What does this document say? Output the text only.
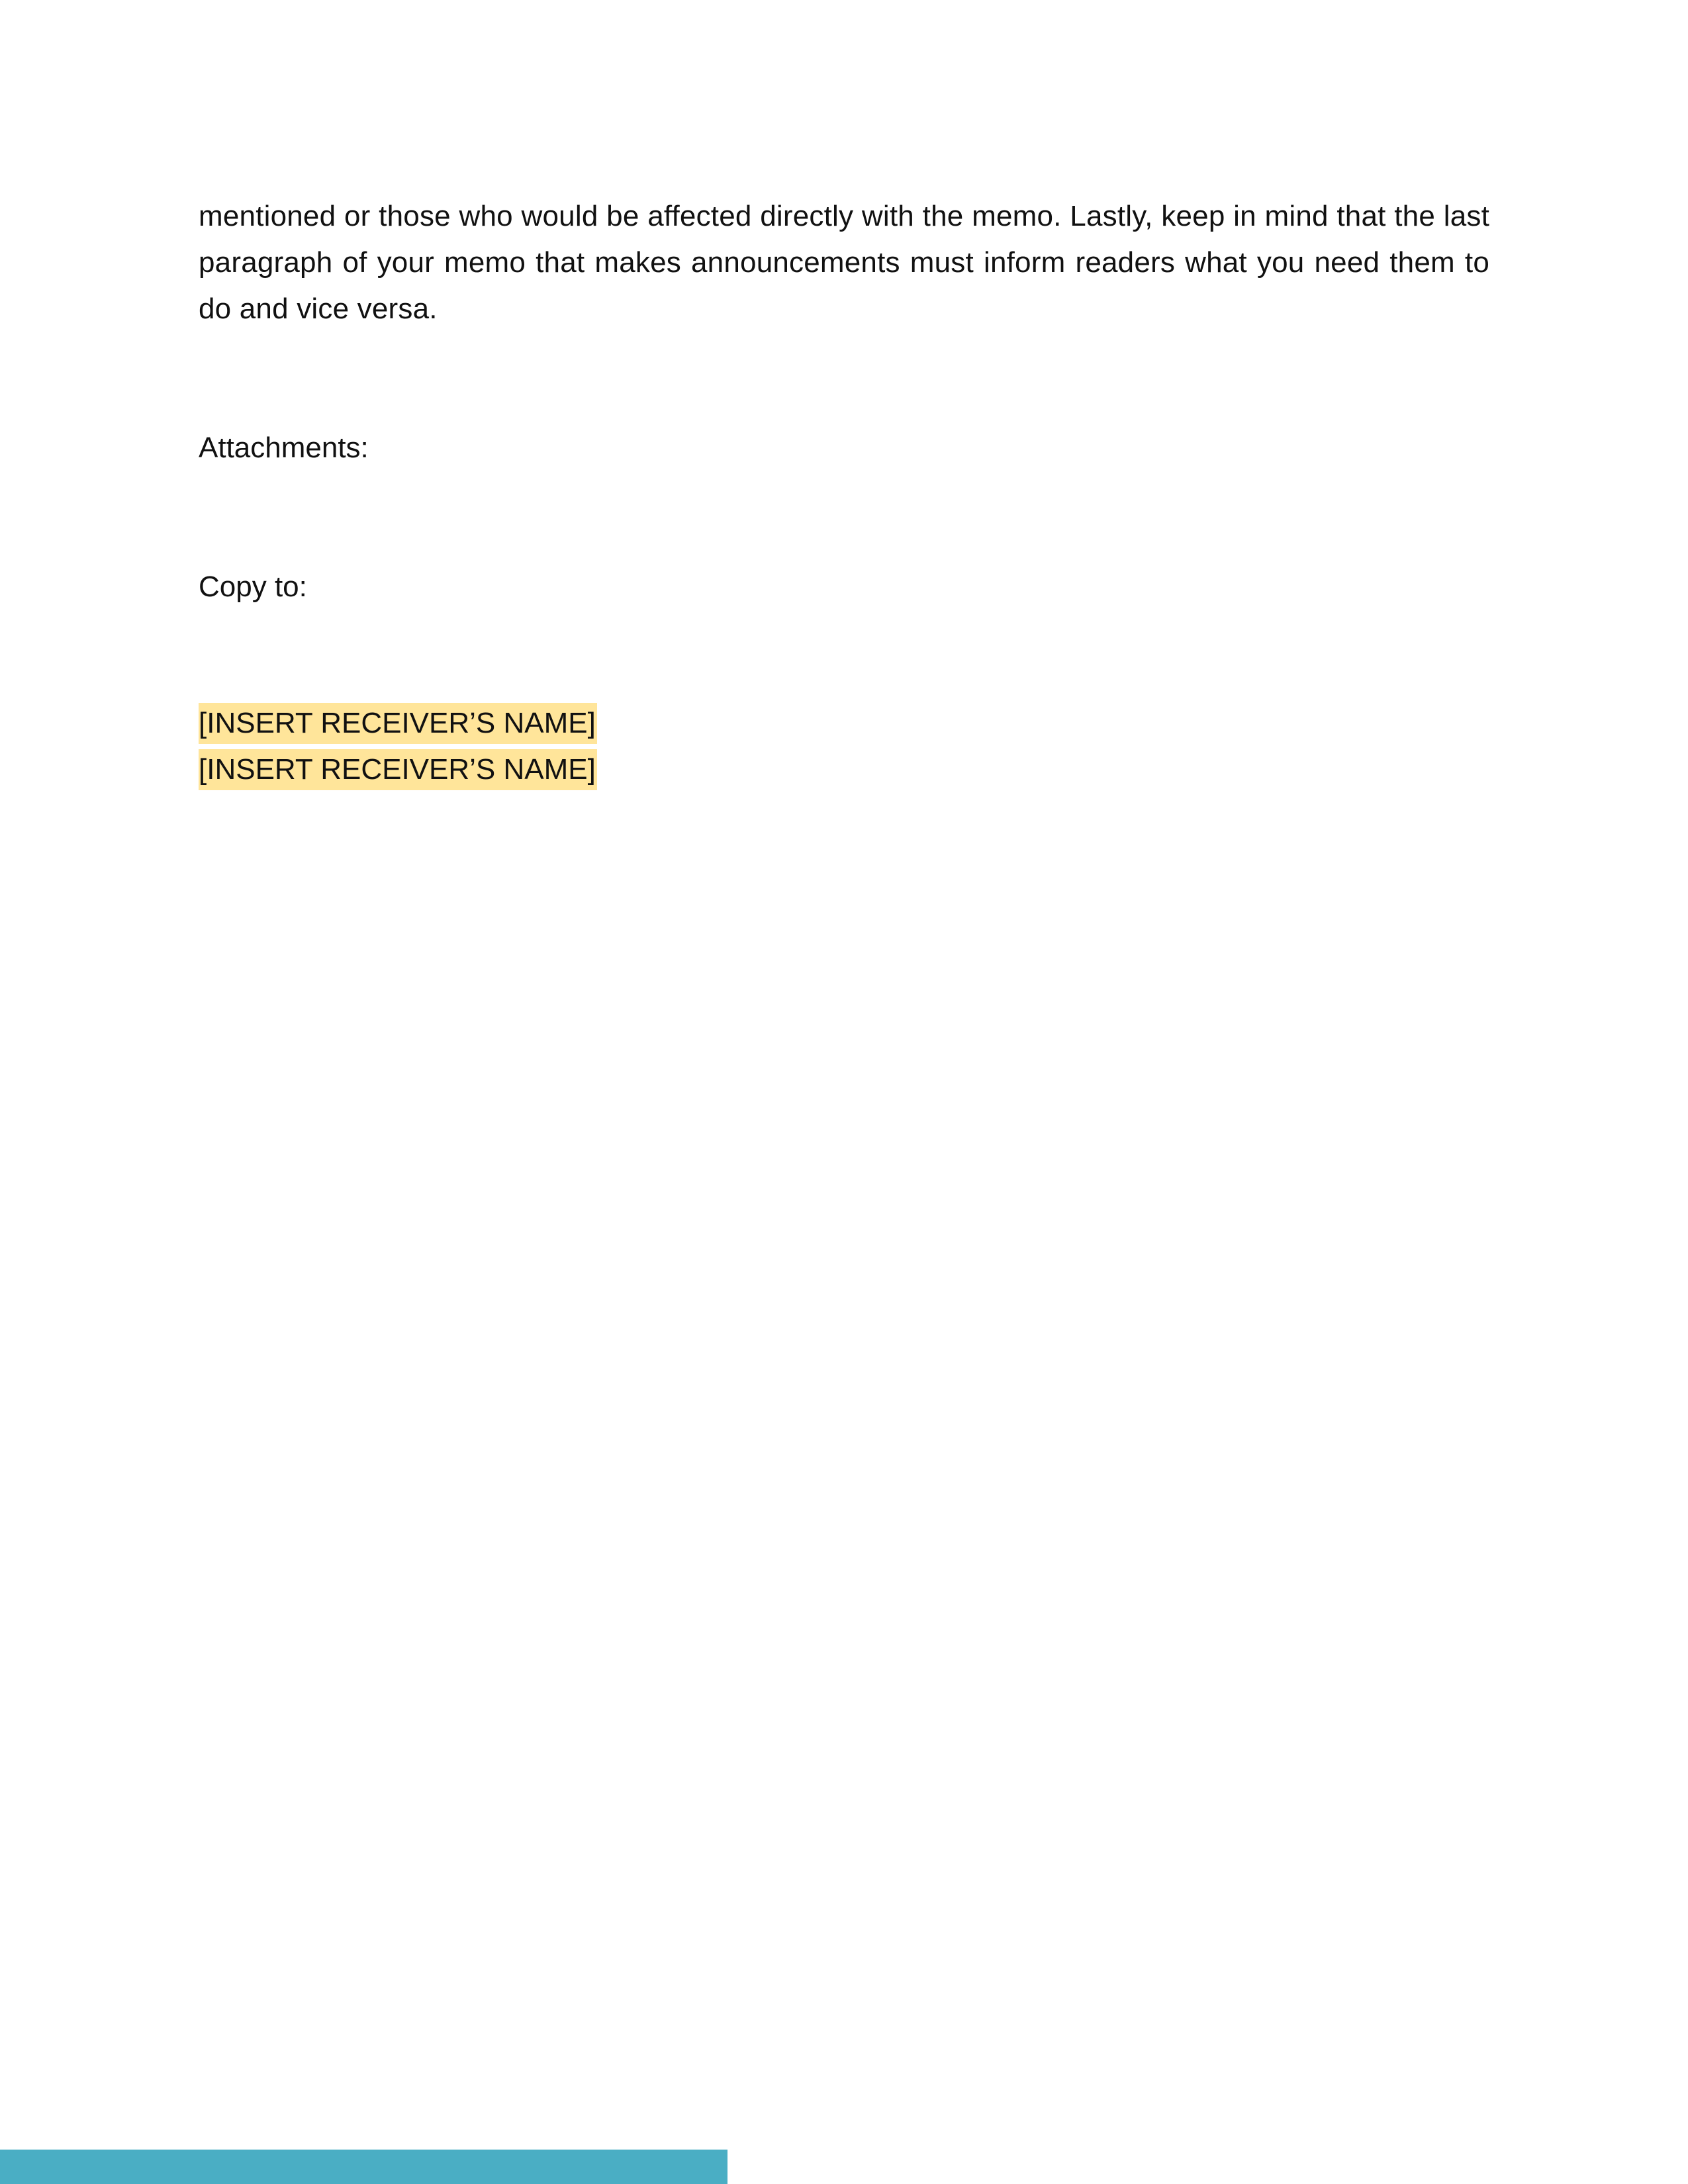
mentioned or those who would be affected directly with the memo. Lastly, keep in mind that the last paragraph of your memo that makes announcements must inform readers what you need them to do and vice versa.

Attachments:

Copy to:

[INSERT RECEIVER’S NAME]
[INSERT RECEIVER’S NAME]
